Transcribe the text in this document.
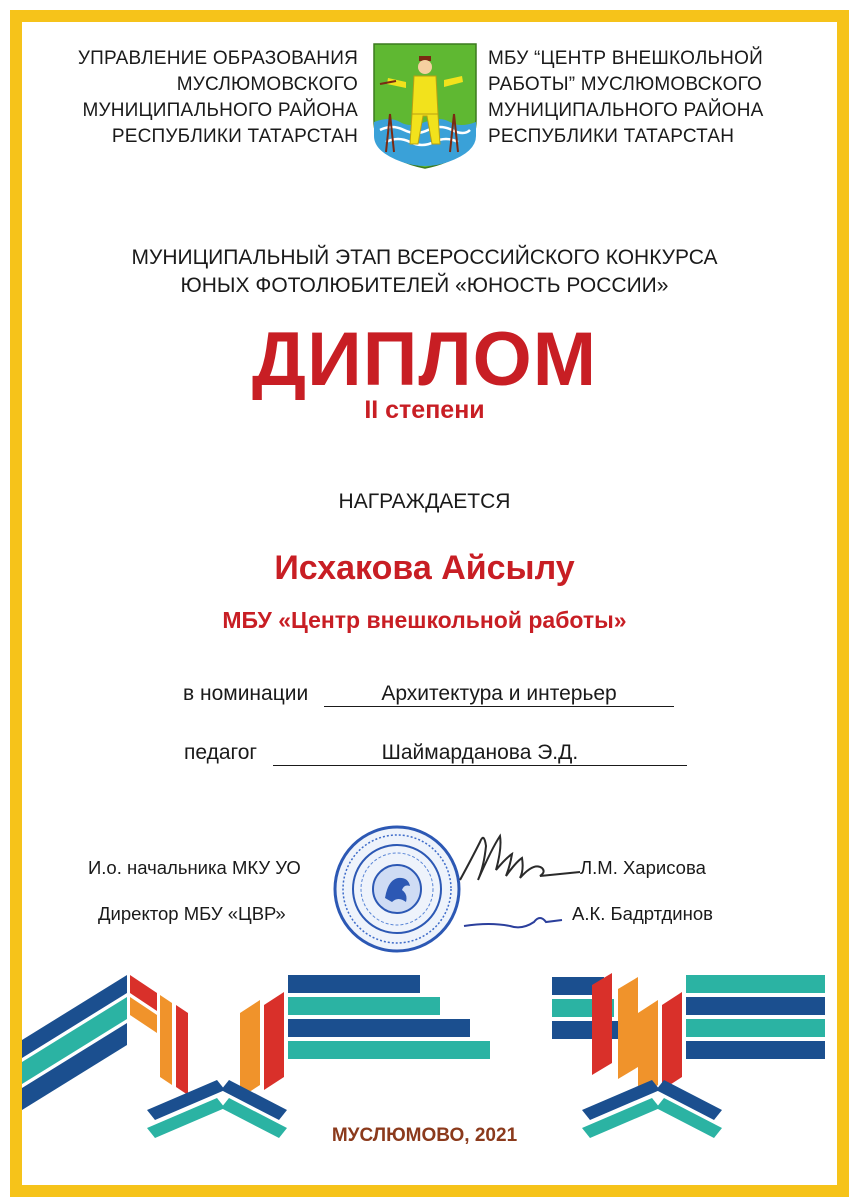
УПРАВЛЕНИЕ ОБРАЗОВАНИЯ
МУСЛЮМОВСКОГО
МУНИЦИПАЛЬНОГО РАЙОНА
РЕСПУБЛИКИ ТАТАРСТАН
МБУ “ЦЕНТР ВНЕШКОЛЬНОЙ
РАБОТЫ” МУСЛЮМОВСКОГО
МУНИЦИПАЛЬНОГО РАЙОНА
РЕСПУБЛИКИ ТАТАРСТАН
МУНИЦИПАЛЬНЫЙ ЭТАП ВСЕРОССИЙСКОГО КОНКУРСА
ЮНЫХ ФОТОЛЮБИТЕЛЕЙ «ЮНОСТЬ РОССИИ»
ДИПЛОМ
II степени
НАГРАЖДАЕТСЯ
Исхакова Айсылу
МБУ «Центр внешкольной работы»
в номинации	Архитектура и интерьер
педагог	Шаймарданова Э.Д.
И.о. начальника МКУ УО	Л.М. Харисова
Директор МБУ «ЦВР»	А.К. Бадртдинов
МУСЛЮМОВО, 2021
